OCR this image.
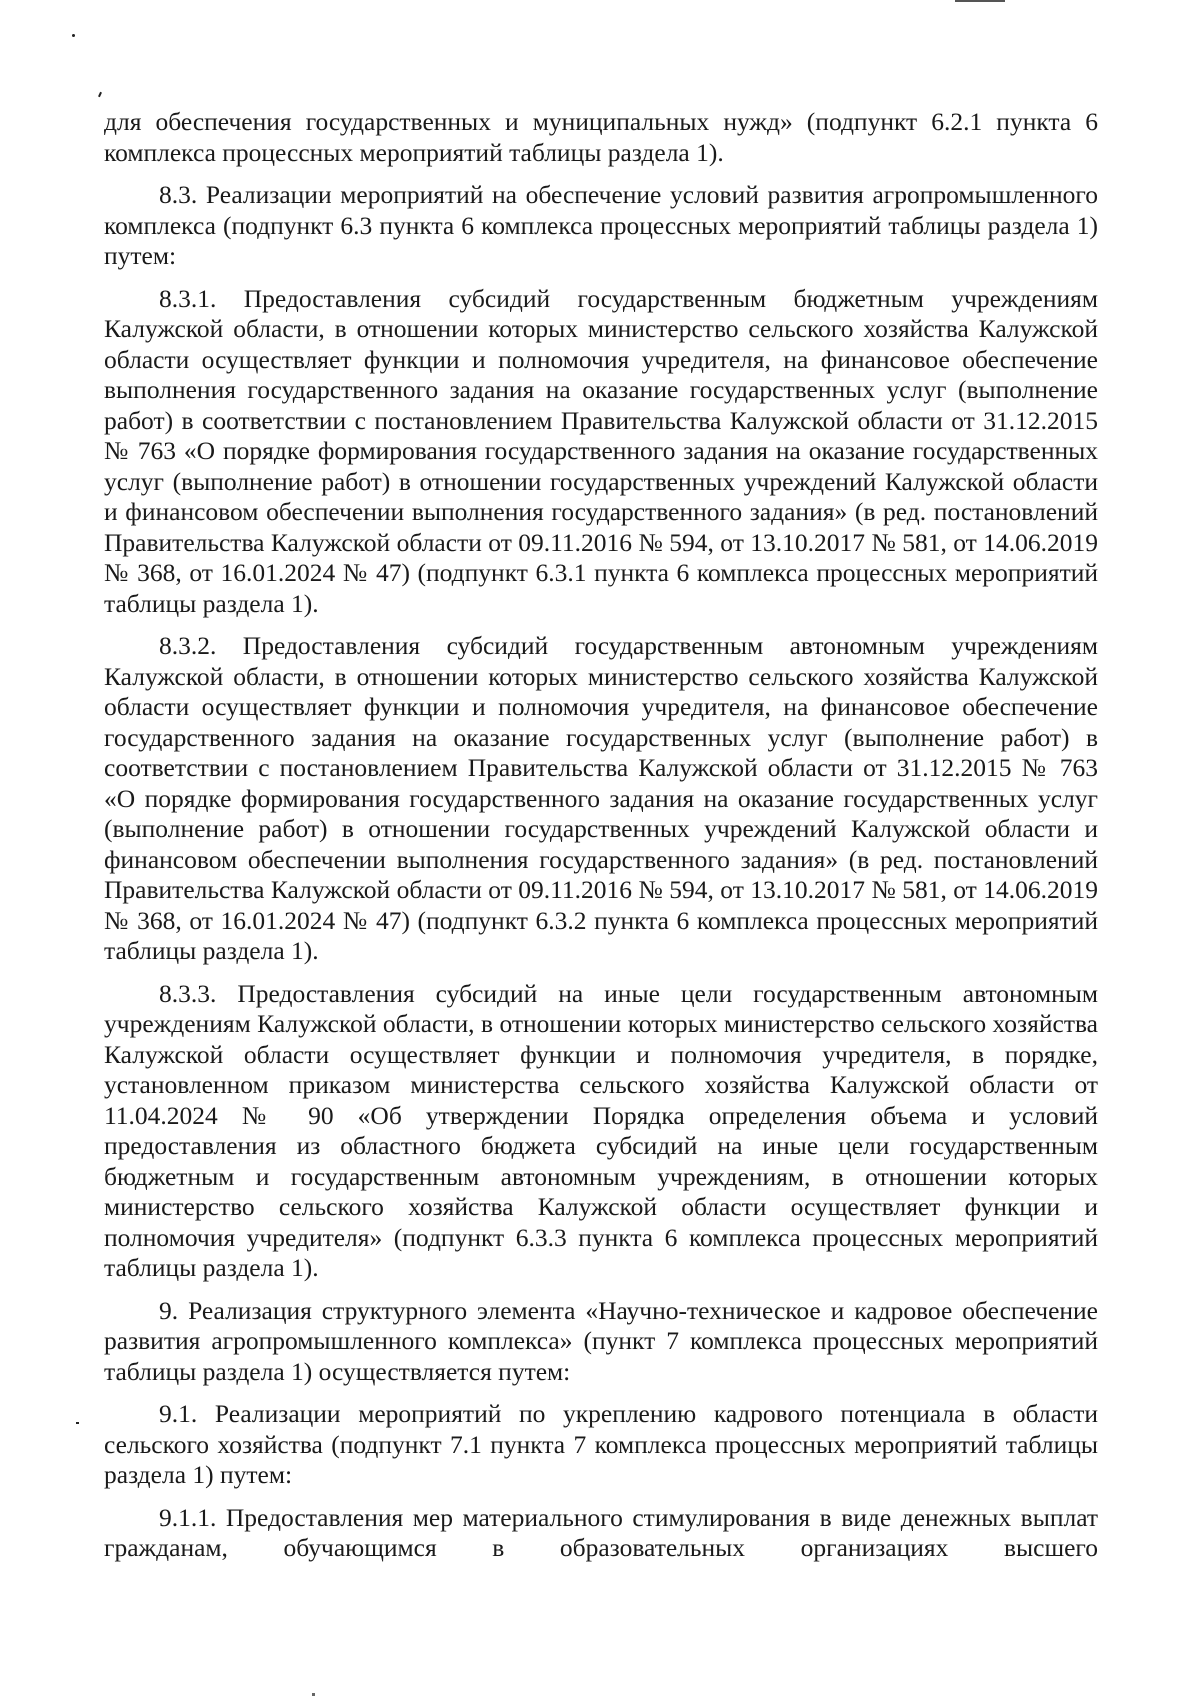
для обеспечения государственных и муниципальных нужд» (подпункт 6.2.1 пункта 6 комплекса процессных мероприятий таблицы раздела 1).

8.3. Реализации мероприятий на обеспечение условий развития агропромышленного комплекса (подпункт 6.3 пункта 6 комплекса процессных мероприятий таблицы раздела 1) путем:

8.3.1. Предоставления субсидий государственным бюджетным учреждениям Калужской области, в отношении которых министерство сельского хозяйства Калужской области осуществляет функции и полномочия учредителя, на финансовое обеспечение выполнения государственного задания на оказание государственных услуг (выполнение работ) в соответствии с постановлением Правительства Калужской области от 31.12.2015 № 763 «О порядке формирования государственного задания на оказание государственных услуг (выполнение работ) в отношении государственных учреждений Калужской области и финансовом обеспечении выполнения государственного задания» (в ред. постановлений Правительства Калужской области от 09.11.2016 № 594, от 13.10.2017 № 581, от 14.06.2019 № 368, от 16.01.2024 № 47) (подпункт 6.3.1 пункта 6 комплекса процессных мероприятий таблицы раздела 1).

8.3.2. Предоставления субсидий государственным автономным учреждениям Калужской области, в отношении которых министерство сельского хозяйства Калужской области осуществляет функции и полномочия учредителя, на финансовое обеспечение государственного задания на оказание государственных услуг (выполнение работ) в соответствии с постановлением Правительства Калужской области от 31.12.2015 № 763 «О порядке формирования государственного задания на оказание государственных услуг (выполнение работ) в отношении государственных учреждений Калужской области и финансовом обеспечении выполнения государственного задания» (в ред. постановлений Правительства Калужской области от 09.11.2016 № 594, от 13.10.2017 № 581, от 14.06.2019 № 368, от 16.01.2024 № 47) (подпункт 6.3.2 пункта 6 комплекса процессных мероприятий таблицы раздела 1).

8.3.3. Предоставления субсидий на иные цели государственным автономным учреждениям Калужской области, в отношении которых министерство сельского хозяйства Калужской области осуществляет функции и полномочия учредителя, в порядке, установленном приказом министерства сельского хозяйства Калужской области от 11.04.2024 № 90 «Об утверждении Порядка определения объема и условий предоставления из областного бюджета субсидий на иные цели государственным бюджетным и государственным автономным учреждениям, в отношении которых министерство сельского хозяйства Калужской области осуществляет функции и полномочия учредителя» (подпункт 6.3.3 пункта 6 комплекса процессных мероприятий таблицы раздела 1).

9. Реализация структурного элемента «Научно-техническое и кадровое обеспечение развития агропромышленного комплекса» (пункт 7 комплекса процессных мероприятий таблицы раздела 1) осуществляется путем:

9.1. Реализации мероприятий по укреплению кадрового потенциала в области сельского хозяйства (подпункт 7.1 пункта 7 комплекса процессных мероприятий таблицы раздела 1) путем:

9.1.1. Предоставления мер материального стимулирования в виде денежных выплат гражданам, обучающимся в образовательных организациях высшего
